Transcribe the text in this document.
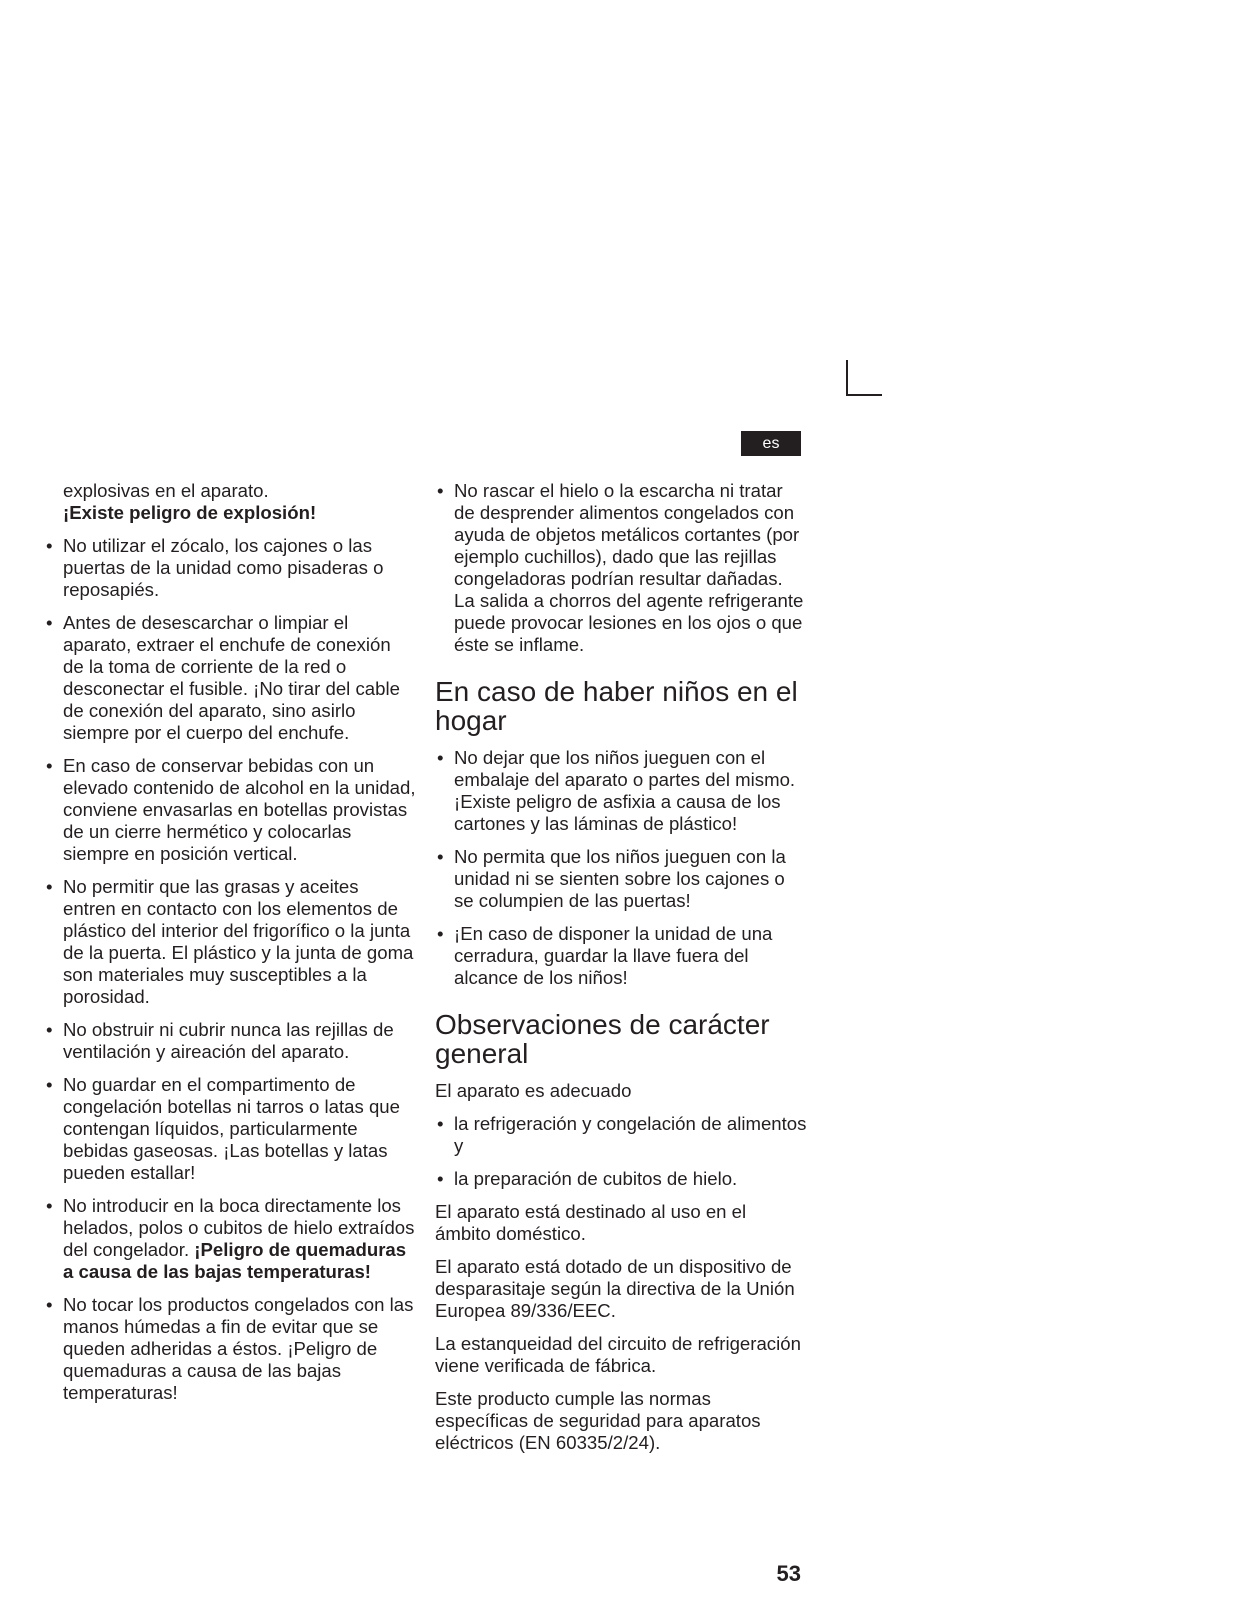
es

explosivas en el aparato.
¡Existe peligro de explosión!

• No utilizar el zócalo, los cajones o las puertas de la unidad como pisaderas o reposapiés.
• Antes de desescarchar o limpiar el aparato, extraer el enchufe de conexión de la toma de corriente de la red o desconectar el fusible. ¡No tirar del cable de conexión del aparato, sino asirlo siempre por el cuerpo del enchufe.
• En caso de conservar bebidas con un elevado contenido de alcohol en la unidad, conviene envasarlas en botellas provistas de un cierre hermético y colocarlas siempre en posición vertical.
• No permitir que las grasas y aceites entren en contacto con los elementos de plástico del interior del frigorífico o la junta de la puerta. El plástico y la junta de goma son materiales muy susceptibles a la porosidad.
• No obstruir ni cubrir nunca las rejillas de ventilación y aireación del aparato.
• No guardar en el compartimento de congelación botellas ni tarros o latas que contengan líquidos, particularmente bebidas gaseosas. ¡Las botellas y latas pueden estallar!
• No introducir en la boca directamente los helados, polos o cubitos de hielo extraídos del congelador. ¡Peligro de quemaduras a causa de las bajas temperaturas!
• No tocar los productos congelados con las manos húmedas a fin de evitar que se queden adheridas a éstos. ¡Peligro de quemaduras a causa de las bajas temperaturas!
• No rascar el hielo o la escarcha ni tratar de desprender alimentos congelados con ayuda de objetos metálicos cortantes (por ejemplo cuchillos), dado que las rejillas congeladoras podrían resultar dañadas. La salida a chorros del agente refrigerante puede provocar lesiones en los ojos o que éste se inflame.
En caso de haber niños en el hogar
• No dejar que los niños jueguen con el embalaje del aparato o partes del mismo. ¡Existe peligro de asfixia a causa de los cartones y las láminas de plástico!
• No permita que los niños jueguen con la unidad ni se sienten sobre los cajones o se columpien de las puertas!
• ¡En caso de disponer la unidad de una cerradura, guardar la llave fuera del alcance de los niños!
Observaciones de carácter general

El aparato es adecuado

• la refrigeración y congelación de alimentos y
• la preparación de cubitos de hielo.

El aparato está destinado al uso en el ámbito doméstico.

El aparato está dotado de un dispositivo de desparasitaje según la directiva de la Unión Europea 89/336/EEC.

La estanqueidad del circuito de refrigeración viene verificada de fábrica.

Este producto cumple las normas específicas de seguridad para aparatos eléctricos (EN 60335/2/24).

53
